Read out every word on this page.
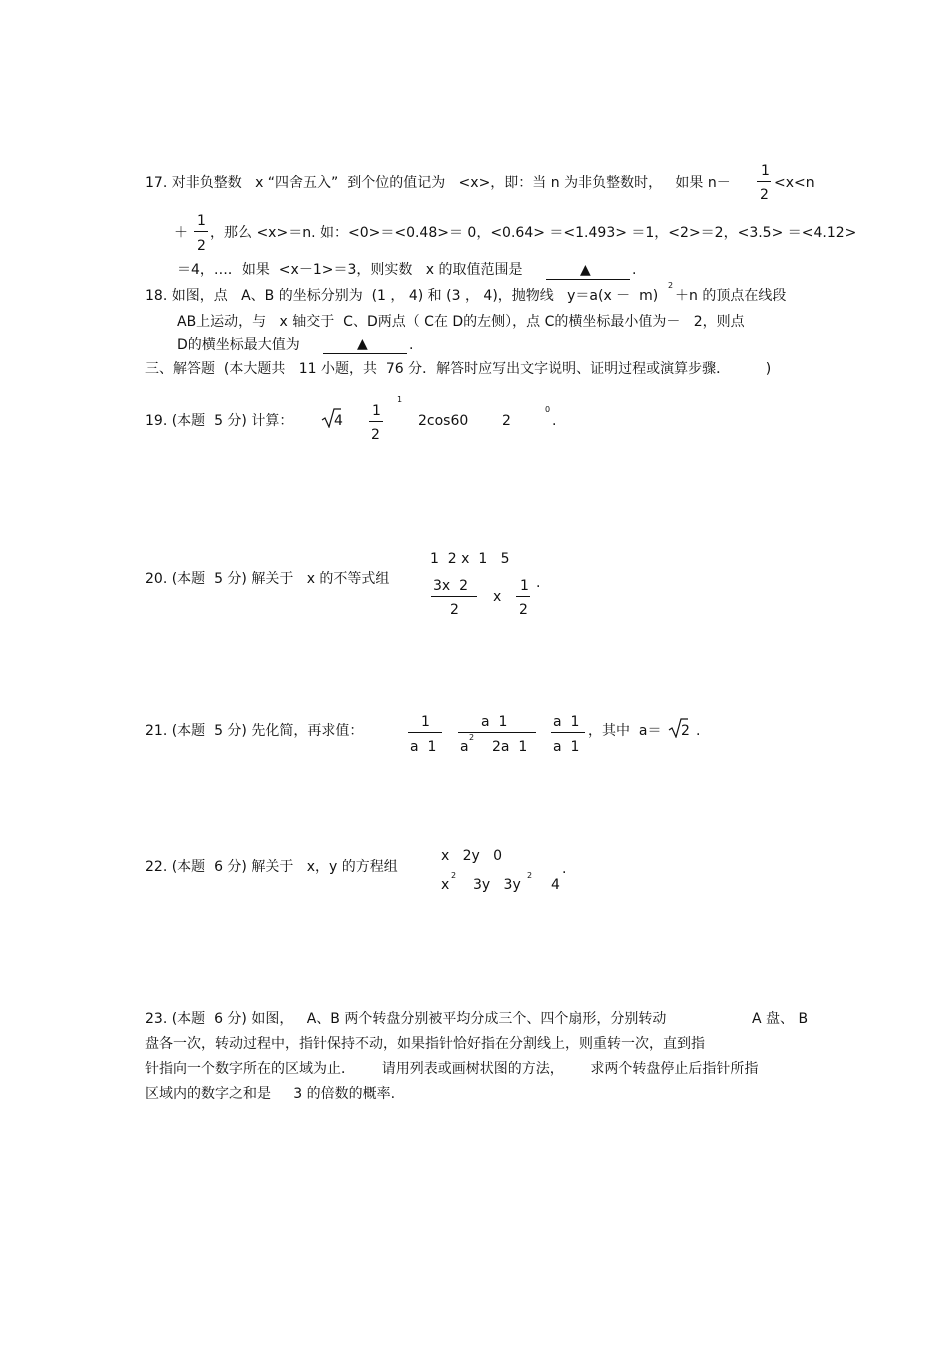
17. 对非负整数   x “四舍五入”  到个位的值记为   <x>，即：当 n 为非负整数时，   如果 n－
1
2
<x<n
＋
1
2
，那么 <x>＝n. 如：<0>＝<0.48>＝ 0，<0.64> ＝<1.493> ＝1，<2>＝2，<3.5> ＝<4.12>
＝4，…．如果  <x－1>＝3，则实数   x 的取值范围是	▲	.
18. 如图，点   A、B 的坐标分别为  (1 ， 4) 和 (3 ， 4)，抛物线   y＝a(x －  m)
2
＋n 的顶点在线段
AB上运动，与   x 轴交于  C、D两点（ C在 D的左侧），点 C的横坐标最小值为－   2，则点
D的横坐标最大值为	▲	.
三、解答题  (本大题共   11 小题，共  76 分．解答时应写出文字说明、证明过程或演算步骤．        )
19. (本题  5 分) 计算：	4
1
2
1
2cos60 2
0
.
20. (本题  5 分) 解关于   x 的不等式组
1  2 x  1   5
3x  2
2
x
1
2
.
21. (本题  5 分) 先化简，再求值：
1
a  1
a  1
a
2
2a  1
a  1
a  1
，其中  a＝ 2 .
22. (本题  6 分) 解关于   x，y 的方程组
x   2y   0
x
2
3y   3y
2
4
.
23. (本题  6 分) 如图，   A、B 两个转盘分别被平均分成三个、四个扇形，分别转动	A 盘、 B
盘各一次，转动过程中，指针保持不动，如果指针恰好指在分割线上，则重转一次，直到指
针指向一个数字所在的区域为止．      请用列表或画树状图的方法，      求两个转盘停止后指针所指
区域内的数字之和是     3 的倍数的概率.
